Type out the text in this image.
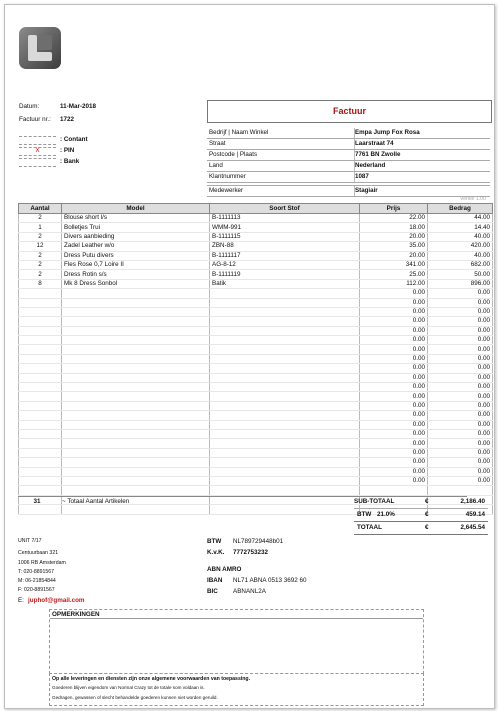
Datum:	11-Mar-2018
Factuur nr.: 1722
: Contant
X	: PIN
: Bank
Factuur
Bedrijf | Naam Winkel	Empa Jump Fox Rosa
Straat	Laarstraat 74
Postcode | Plaats	7761 BN Zwolle
Land	Nederland
Klantnummer	1087
Medewerker	Stagiair
Versie 1.00
Aantal	Model	Soort Stof	Prijs	Bedrag
2	Blouse short l/s	B-1111113	22.00	44.00
1	Bolletjes Trui	WMM-991	18.00	14.40
2	Divers aanbieding	B-1111115	20.00	40.00
12	Zadel Leather w/o	ZBN-88	35.00	420.00
2	Dress Putu divers	B-1111117	20.00	40.00
2	Fles Rose 0,7 Loire II	AG-8-12	341.00	682.00
2	Dress Rotin s/s	B-1111119	25.00	50.00
8	Mk 8 Dress Sonbol	Batik	112.00	896.00
			0.00	0.00
			0.00	0.00
			0.00	0.00
			0.00	0.00
			0.00	0.00
			0.00	0.00
			0.00	0.00
			0.00	0.00
			0.00	0.00
			0.00	0.00
			0.00	0.00
			0.00	0.00
			0.00	0.00
			0.00	0.00
			0.00	0.00
			0.00	0.00
			0.00	0.00
			0.00	0.00
			0.00	0.00
			0.00	0.00
			0.00	0.00

31	~ Totaal Aantal Artikelen	SUB-TOTAAL	€	2,186.40
BTW 21.0%	€	459.14
TOTAAL	€	2,645.54
UNIT 7/17
Centuurbaan 321
1006 RB Amsterdam
T: 020-8891567
M: 06-21854844
F: 020-8891567
E: juphof@gmail.com
BTW NL789729448b01
K.v.K. 7772753232
ABN AMRO
IBAN NL71 ABNA 0513 3692 60
BIC ABNANL2A
OPMERKINGEN
Op alle leveringen en diensten zijn onze algemene voorwaarden van toepassing.
Goederen blijven eigendom van Normal Crazy tot de totale som voldaan is.
Gedragen, gewassen of slecht behandelde goederen kunnen niet worden geruild.
